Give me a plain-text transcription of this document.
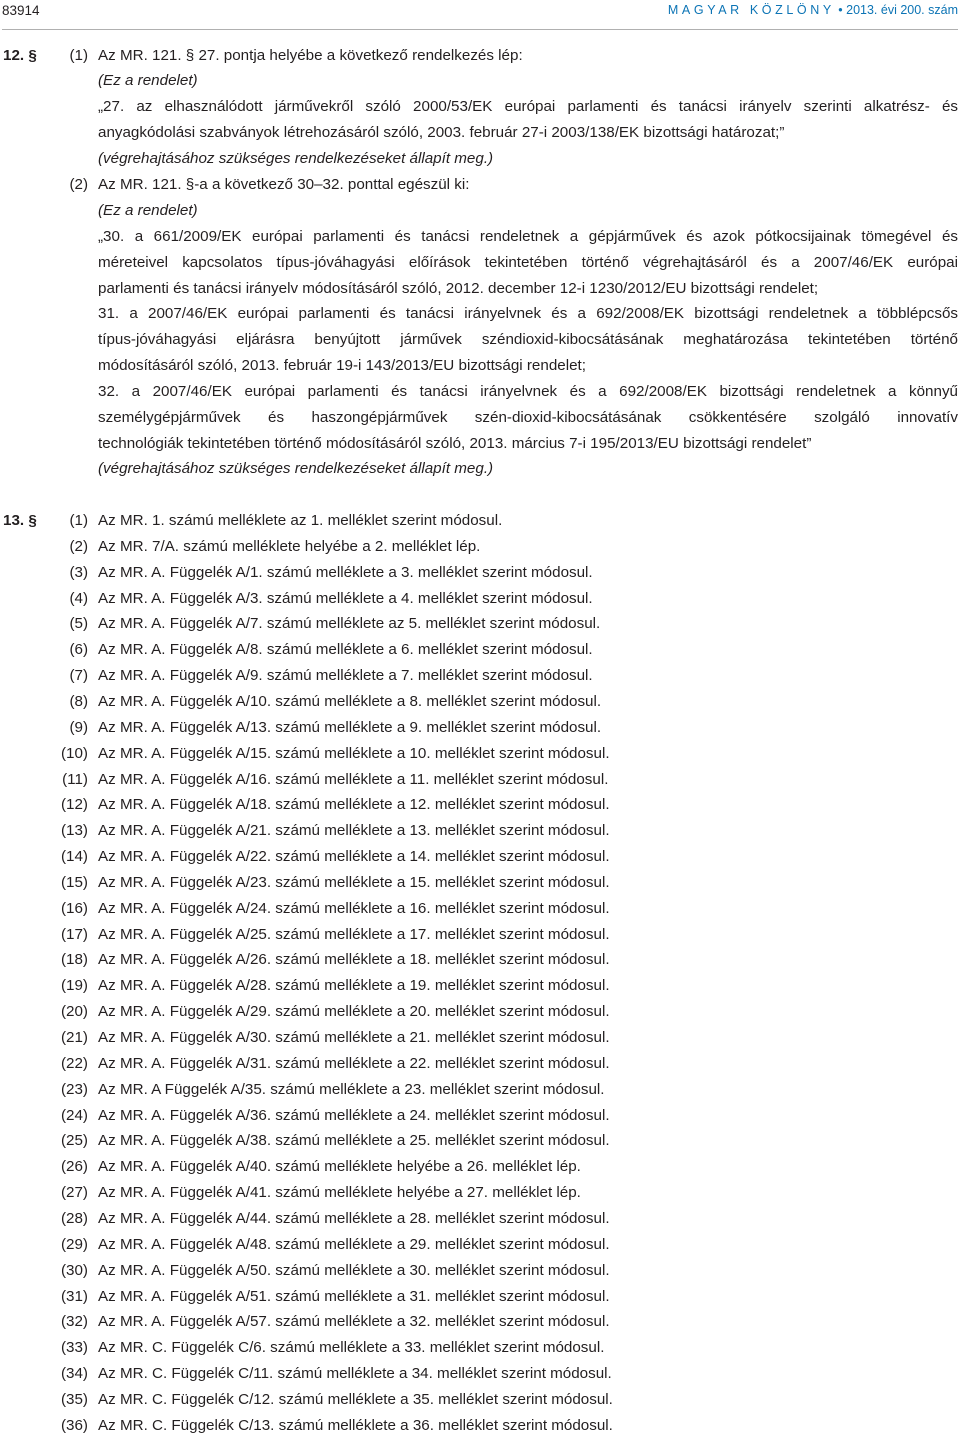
83914	MAGYAR KÖZLÖNY • 2013. évi 200. szám
12. §	(1) Az MR. 121. § 27. pontja helyébe a következő rendelkezés lép:
(Ez a rendelet)
„27. az elhasználódott járművekről szóló 2000/53/EK európai parlamenti és tanácsi irányelv szerinti alkatrész- és
anyagkódolási szabványok létrehozásáról szóló, 2003. február 27-i 2003/138/EK bizottsági határozat;”
(végrehajtásához szükséges rendelkezéseket állapít meg.)
(2) Az MR. 121. §-a a következő 30–32. ponttal egészül ki:
(Ez a rendelet)
„30. a 661/2009/EK európai parlamenti és tanácsi rendeletnek a gépjárművek és azok pótkocsijainak tömegével és
méreteivel kapcsolatos típus-jóváhagyási előírások tekintetében történő végrehajtásáról és a 2007/46/EK európai
parlamenti és tanácsi irányelv módosításáról szóló, 2012. december 12-i 1230/2012/EU bizottsági rendelet;
31. a 2007/46/EK európai parlamenti és tanácsi irányelvnek és a 692/2008/EK bizottsági rendeletnek a többlépcsős
típus-jóváhagyási eljárásra benyújtott járművek széndioxid-kibocsátásának meghatározása tekintetében történő
módosításáról szóló, 2013. február 19-i 143/2013/EU bizottsági rendelet;
32. a 2007/46/EK európai parlamenti és tanácsi irányelvnek és a 692/2008/EK bizottsági rendeletnek a könnyű
személygépjárművek és haszongépjárművek szén-dioxid-kibocsátásának csökkentésére szolgáló innovatív
technológiák tekintetében történő módosításáról szóló, 2013. március 7-i 195/2013/EU bizottsági rendelet”
(végrehajtásához szükséges rendelkezéseket állapít meg.)
13. §	(1) Az MR. 1. számú melléklete az 1. melléklet szerint módosul.
(2) Az MR. 7/A. számú melléklete helyébe a 2. melléklet lép.
(3) Az MR. A. Függelék A/1. számú melléklete a 3. melléklet szerint módosul.
(4) Az MR. A. Függelék A/3. számú melléklete a 4. melléklet szerint módosul.
(5) Az MR. A. Függelék A/7. számú melléklete az 5. melléklet szerint módosul.
(6) Az MR. A. Függelék A/8. számú melléklete a 6. melléklet szerint módosul.
(7) Az MR. A. Függelék A/9. számú melléklete a 7. melléklet szerint módosul.
(8) Az MR. A. Függelék A/10. számú melléklete a 8. melléklet szerint módosul.
(9) Az MR. A. Függelék A/13. számú melléklete a 9. melléklet szerint módosul.
(10) Az MR. A. Függelék A/15. számú melléklete a 10. melléklet szerint módosul.
(11) Az MR. A. Függelék A/16. számú melléklete a 11. melléklet szerint módosul.
(12) Az MR. A. Függelék A/18. számú melléklete a 12. melléklet szerint módosul.
(13) Az MR. A. Függelék A/21. számú melléklete a 13. melléklet szerint módosul.
(14) Az MR. A. Függelék A/22. számú melléklete a 14. melléklet szerint módosul.
(15) Az MR. A. Függelék A/23. számú melléklete a 15. melléklet szerint módosul.
(16) Az MR. A. Függelék A/24. számú melléklete a 16. melléklet szerint módosul.
(17) Az MR. A. Függelék A/25. számú melléklete a 17. melléklet szerint módosul.
(18) Az MR. A. Függelék A/26. számú melléklete a 18. melléklet szerint módosul.
(19) Az MR. A. Függelék A/28. számú melléklete a 19. melléklet szerint módosul.
(20) Az MR. A. Függelék A/29. számú melléklete a 20. melléklet szerint módosul.
(21) Az MR. A. Függelék A/30. számú melléklete a 21. melléklet szerint módosul.
(22) Az MR. A. Függelék A/31. számú melléklete a 22. melléklet szerint módosul.
(23) Az MR. A Függelék A/35. számú melléklete a 23. melléklet szerint módosul.
(24) Az MR. A. Függelék A/36. számú melléklete a 24. melléklet szerint módosul.
(25) Az MR. A. Függelék A/38. számú melléklete a 25. melléklet szerint módosul.
(26) Az MR. A. Függelék A/40. számú melléklete helyébe a 26. melléklet lép.
(27) Az MR. A. Függelék A/41. számú melléklete helyébe a 27. melléklet lép.
(28) Az MR. A. Függelék A/44. számú melléklete a 28. melléklet szerint módosul.
(29) Az MR. A. Függelék A/48. számú melléklete a 29. melléklet szerint módosul.
(30) Az MR. A. Függelék A/50. számú melléklete a 30. melléklet szerint módosul.
(31) Az MR. A. Függelék A/51. számú melléklete a 31. melléklet szerint módosul.
(32) Az MR. A. Függelék A/57. számú melléklete a 32. melléklet szerint módosul.
(33) Az MR. C. Függelék C/6. számú melléklete a 33. melléklet szerint módosul.
(34) Az MR. C. Függelék C/11. számú melléklete a 34. melléklet szerint módosul.
(35) Az MR. C. Függelék C/12. számú melléklete a 35. melléklet szerint módosul.
(36) Az MR. C. Függelék C/13. számú melléklete a 36. melléklet szerint módosul.
